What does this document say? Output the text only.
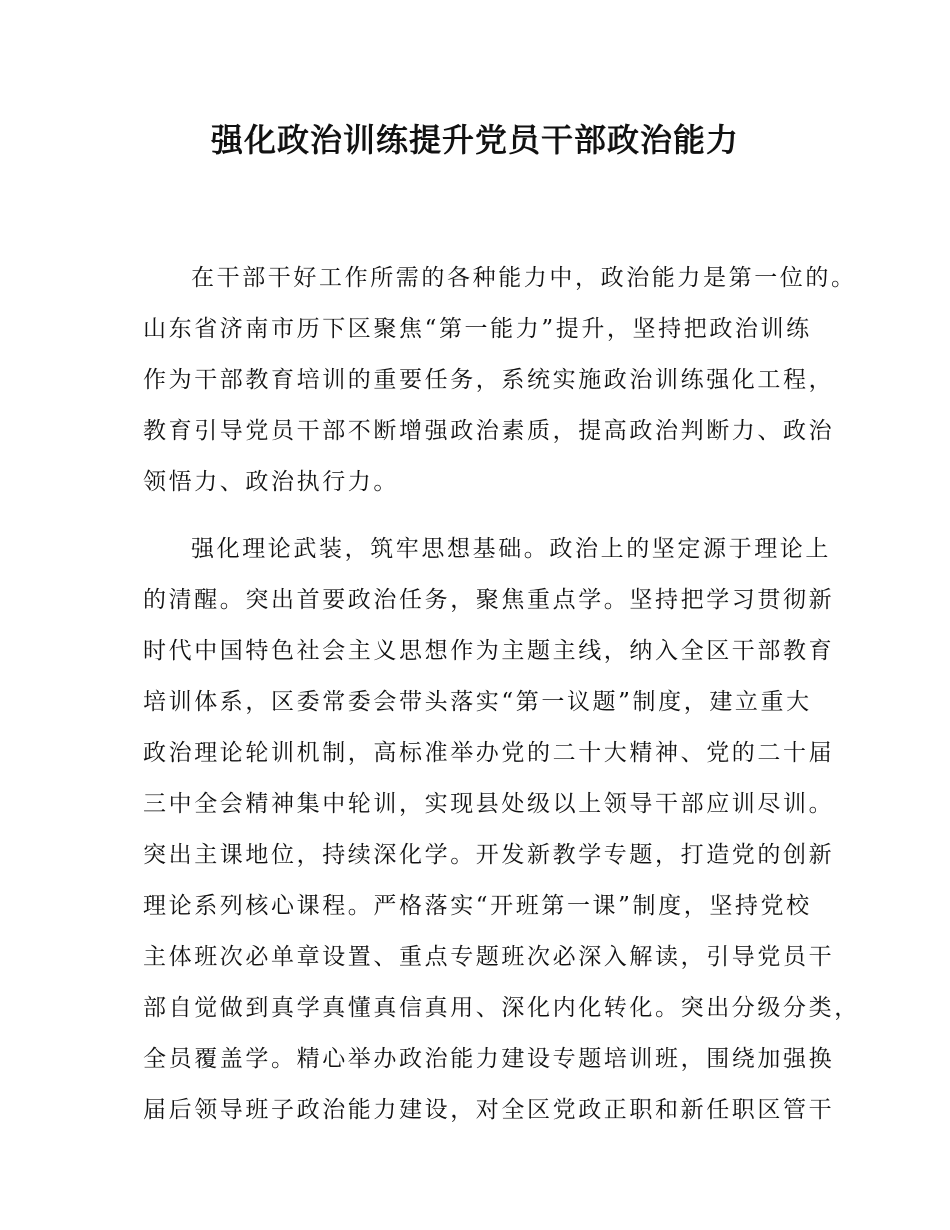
强化政治训练提升党员干部政治能力
在干部干好工作所需的各种能力中，政治能力是第一位的。
山东省济南市历下区聚焦“第一能力”提升，坚持把政治训练
作为干部教育培训的重要任务，系统实施政治训练强化工程，
教育引导党员干部不断增强政治素质，提高政治判断力、政治
领悟力、政治执行力。
强化理论武装，筑牢思想基础。政治上的坚定源于理论上
的清醒。突出首要政治任务，聚焦重点学。坚持把学习贯彻新
时代中国特色社会主义思想作为主题主线，纳入全区干部教育
培训体系，区委常委会带头落实“第一议题”制度，建立重大
政治理论轮训机制，高标准举办党的二十大精神、党的二十届
三中全会精神集中轮训，实现县处级以上领导干部应训尽训。
突出主课地位，持续深化学。开发新教学专题，打造党的创新
理论系列核心课程。严格落实“开班第一课”制度，坚持党校
主体班次必单章设置、重点专题班次必深入解读，引导党员干
部自觉做到真学真懂真信真用、深化内化转化。突出分级分类，
全员覆盖学。精心举办政治能力建设专题培训班，围绕加强换
届后领导班子政治能力建设，对全区党政正职和新任职区管干
